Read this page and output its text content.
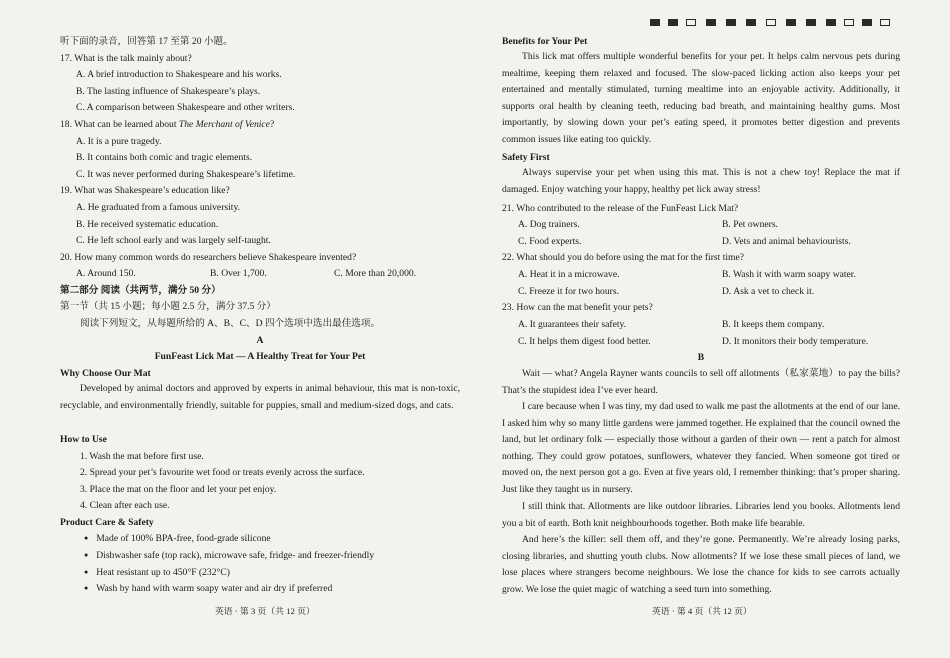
听下面的录音，回答第 17 至第 20 小题。
17. What is the talk mainly about?
A. A brief introduction to Shakespeare and his works.
B. The lasting influence of Shakespeare’s plays.
C. A comparison between Shakespeare and other writers.
18. What can be learned about The Merchant of Venice?
A. It is a pure tragedy.
B. It contains both comic and tragic elements.
C. It was never performed during Shakespeare’s lifetime.
19. What was Shakespeare’s education like?
A. He graduated from a famous university.
B. He received systematic education.
C. He left school early and was largely self-taught.
20. How many common words do researchers believe Shakespeare invented?
A. Around 150.	B. Over 1,700.	C. More than 20,000.
第二部分 阅读（共两节，满分 50 分）
第一节（共 15 小题；每小题 2.5 分，满分 37.5 分）
阅读下列短文，从每题所给的 A、B、C、D 四个选项中选出最佳选项。
A
FunFeast Lick Mat — A Healthy Treat for Your Pet
Why Choose Our Mat
Developed by animal doctors and approved by experts in animal behaviour, this mat is non-toxic, recyclable, and environmentally friendly, suitable for puppies, small and medium-sized dogs, and cats.
How to Use
1. Wash the mat before first use.
2. Spread your pet’s favourite wet food or treats evenly across the surface.
3. Place the mat on the floor and let your pet enjoy.
4. Clean after each use.
Product Care & Safety
● Made of 100% BPA-free, food-grade silicone
● Dishwasher safe (top rack), microwave safe, fridge- and freezer-friendly
● Heat resistant up to 450°F (232°C)
● Wash by hand with warm soapy water and air dry if preferred
英语 · 第 3 页（共 12 页）
Benefits for Your Pet
This lick mat offers multiple wonderful benefits for your pet. It helps calm nervous pets during mealtime, keeping them relaxed and focused. The slow-paced licking action also keeps your pet entertained and mentally stimulated, turning mealtime into an enjoyable activity. Additionally, it supports oral health by cleaning teeth, reducing bad breath, and maintaining healthy gums. Most importantly, by slowing down your pet’s eating speed, it promotes better digestion and prevents common issues like eating too quickly.
Safety First
Always supervise your pet when using this mat. This is not a chew toy! Replace the mat if damaged. Enjoy watching your happy, healthy pet lick away stress!
21. Who contributed to the release of the FunFeast Lick Mat?
A. Dog trainers.	B. Pet owners.
C. Food experts.	D. Vets and animal behaviourists.
22. What should you do before using the mat for the first time?
A. Heat it in a microwave.	B. Wash it with warm soapy water.
C. Freeze it for two hours.	D. Ask a vet to check it.
23. How can the mat benefit your pets?
A. It guarantees their safety.	B. It keeps them company.
C. It helps them digest food better.	D. It monitors their body temperature.
B
Wait — what? Angela Rayner wants councils to sell off allotments（私家菜地）to pay the bills? That’s the stupidest idea I’ve ever heard.
I care because when I was tiny, my dad used to walk me past the allotments at the end of our lane. I asked him why so many little gardens were jammed together. He explained that the council owned the land, but let ordinary folk — especially those without a garden of their own — rent a patch for almost nothing. They could grow potatoes, sunflowers, whatever they fancied. When someone got tired or moved on, the next person got a go. Even at five years old, I remember thinking: that’s proper sharing. Just like they taught us in nursery.
I still think that. Allotments are like outdoor libraries. Libraries lend you books. Allotments lend you a bit of earth. Both knit neighbourhoods together. Both make life bearable.
And here’s the killer: sell them off, and they’re gone. Permanently. We’re already losing parks, closing libraries, and shutting youth clubs. Now allotments? If we lose these small pieces of land, we lose places where strangers become neighbours. We lose the chance for kids to see carrots actually grow. We lose the quiet magic of watching a seed turn into something.
英语 · 第 4 页（共 12 页）
